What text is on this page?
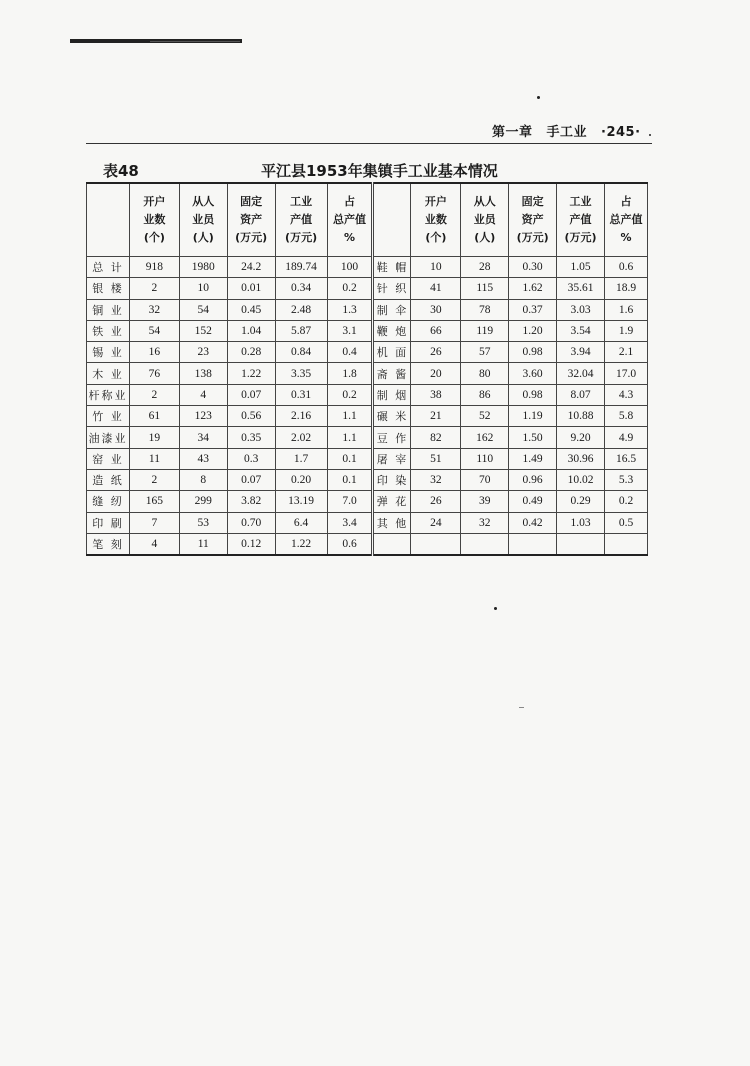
第一章 手工业 ·245·
表48	平江县1953年集镇手工业基本情况
	开户
业数
(个)	从人
业员
(人)	固定
资产
(万元)	工业
产值
(万元)	占
总产值
%		开户
业数
(个)	从人
业员
(人)	固定
资产
(万元)	工业
产值
(万元)	占
总产值
%
总 计	918	1980	24.2	189.74	100	鞋 帽	10	28	0.30	1.05	0.6
银 楼	2	10	0.01	0.34	0.2	针 织	41	115	1.62	35.61	18.9
铜 业	32	54	0.45	2.48	1.3	制 伞	30	78	0.37	3.03	1.6
铁 业	54	152	1.04	5.87	3.1	鞭 炮	66	119	1.20	3.54	1.9
锡 业	16	23	0.28	0.84	0.4	机 面	26	57	0.98	3.94	2.1
木 业	76	138	1.22	3.35	1.8	斋 酱	20	80	3.60	32.04	17.0
杆称业	2	4	0.07	0.31	0.2	制 烟	38	86	0.98	8.07	4.3
竹 业	61	123	0.56	2.16	1.1	碾 米	21	52	1.19	10.88	5.8
油漆业	19	34	0.35	2.02	1.1	豆 作	82	162	1.50	9.20	4.9
窑 业	11	43	0.3	1.7	0.1	屠 宰	51	110	1.49	30.96	16.5
造 纸	2	8	0.07	0.20	0.1	印 染	32	70	0.96	10.02	5.3
缝 纫	165	299	3.82	13.19	7.0	弹 花	26	39	0.49	0.29	0.2
印 刷	7	53	0.70	6.4	3.4	其 他	24	32	0.42	1.03	0.5
笔 刻	4	11	0.12	1.22	0.6						
